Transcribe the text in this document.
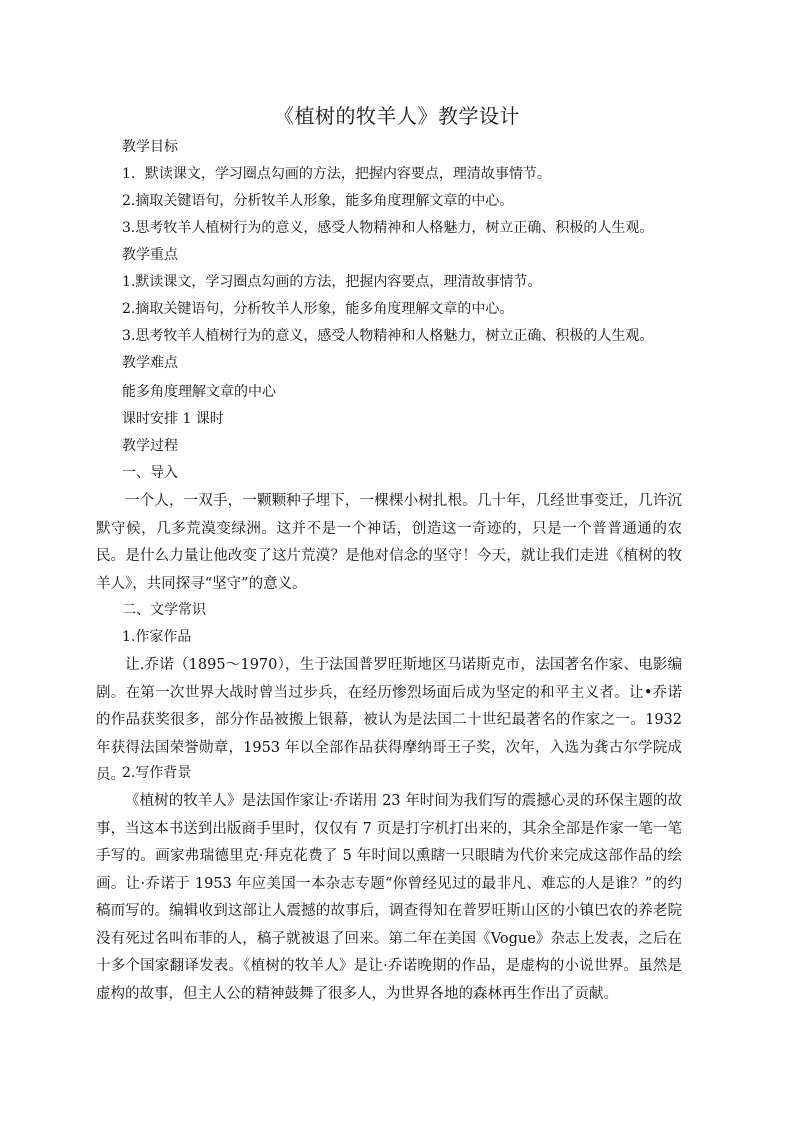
《植树的牧羊人》教学设计
教学目标
1．默读课文，学习圈点勾画的方法，把握内容要点，理清故事情节。
2.摘取关键语句，分析牧羊人形象，能多角度理解文章的中心。
3.思考牧羊人植树行为的意义，感受人物精神和人格魅力，树立正确、积极的人生观。
教学重点
1.默读课文，学习圈点勾画的方法，把握内容要点，理清故事情节。
2.摘取关键语句，分析牧羊人形象，能多角度理解文章的中心。
3.思考牧羊人植树行为的意义，感受人物精神和人格魅力，树立正确、积极的人生观。
教学难点
能多角度理解文章的中心
课时安排 1 课时
教学过程
一、导入
一个人，一双手，一颗颗种子埋下，一棵棵小树扎根。几十年，几经世事变迁，几许沉默守候，几多荒漠变绿洲。这并不是一个神话，创造这一奇迹的，只是一个普普通通的农民。是什么力量让他改变了这片荒漠？是他对信念的坚守！今天，就让我们走进《植树的牧羊人》，共同探寻“坚守”的意义。
二、文学常识
1.作家作品
让.乔诺（1895～1970），生于法国普罗旺斯地区马诺斯克市，法国著名作家、电影编剧。在第一次世界大战时曾当过步兵，在经历惨烈场面后成为坚定的和平主义者。让•乔诺的作品获奖很多，部分作品被搬上银幕，被认为是法国二十世纪最著名的作家之一。1932 年获得法国荣誉勋章，1953 年以全部作品获得摩纳哥王子奖，次年，入选为龚古尔学院成员。
2.写作背景
《植树的牧羊人》是法国作家让·乔诺用 23 年时间为我们写的震撼心灵的环保主题的故事，当这本书送到出版商手里时，仅仅有 7 页是打字机打出来的，其余全部是作家一笔一笔手写的。画家弗瑞德里克·拜克花费了 5 年时间以熏瞎一只眼睛为代价来完成这部作品的绘画。让·乔诺于 1953 年应美国一本杂志专题“你曾经见过的最非凡、难忘的人是谁？”的约稿而写的。编辑收到这部让人震撼的故事后，调查得知在普罗旺斯山区的小镇巴农的养老院没有死过名叫布菲的人，稿子就被退了回来。第二年在美国《Vogue》杂志上发表，之后在十多个国家翻译发表。《植树的牧羊人》是让·乔诺晚期的作品，是虚构的小说世界。虽然是虚构的故事，但主人公的精神鼓舞了很多人，为世界各地的森林再生作出了贡献。
